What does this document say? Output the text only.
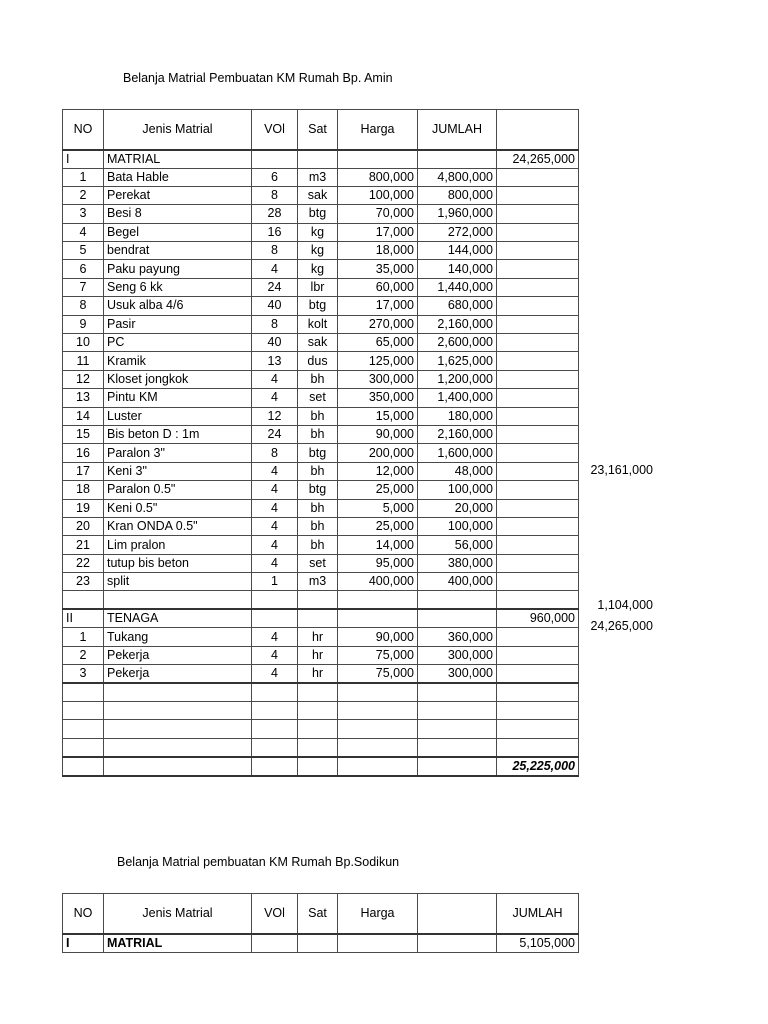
Belanja Matrial Pembuatan KM Rumah Bp. Amin
NO	Jenis Matrial	VOl	Sat	Harga	JUMLAH	
I	MATRIAL					24,265,000
1	Bata Hable	6	m3	800,000	4,800,000	
2	Perekat	8	sak	100,000	800,000	
3	Besi 8	28	btg	70,000	1,960,000	
4	Begel	16	kg	17,000	272,000	
5	bendrat	8	kg	18,000	144,000	
6	Paku payung	4	kg	35,000	140,000	
7	Seng 6 kk	24	lbr	60,000	1,440,000	
8	Usuk alba 4/6	40	btg	17,000	680,000	
9	Pasir	8	kolt	270,000	2,160,000	
10	PC	40	sak	65,000	2,600,000	
11	Kramik	13	dus	125,000	1,625,000	
12	Kloset jongkok	4	bh	300,000	1,200,000	
13	Pintu KM	4	set	350,000	1,400,000	
14	Luster	12	bh	15,000	180,000	
15	Bis beton D : 1m	24	bh	90,000	2,160,000	
16	Paralon 3"	8	btg	200,000	1,600,000	
17	Keni 3"	4	bh	12,000	48,000	
18	Paralon 0.5"	4	btg	25,000	100,000	
19	Keni 0.5"	4	bh	5,000	20,000	
20	Kran ONDA 0.5"	4	bh	25,000	100,000	
21	Lim pralon	4	bh	14,000	56,000	
22	tutup bis beton	4	set	95,000	380,000	
23	split	1	m3	400,000	400,000	

II	TENAGA					960,000
1	Tukang	4	hr	90,000	360,000	
2	Pekerja	4	hr	75,000	300,000	
3	Pekerja	4	hr	75,000	300,000	

						25,225,000
23,161,000
1,104,000
24,265,000
Belanja Matrial pembuatan KM Rumah Bp.Sodikun
NO	Jenis Matrial	VOl	Sat	Harga		JUMLAH
I	MATRIAL					5,105,000
